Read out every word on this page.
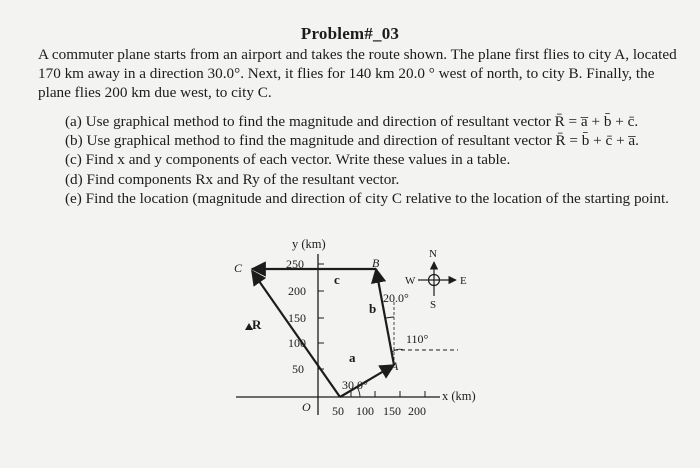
Problem#_03
A commuter plane starts from an airport and takes the route shown. The plane first flies to city A, located 170 km away in a direction 30.0°. Next, it flies for 140 km 20.0 ° west of north, to city B. Finally, the plane flies 200 km due west, to city C.
(a) Use graphical method to find the magnitude and direction of resultant vector R̄ = a̅ + b̄ + c̄.
(b) Use graphical method to find the magnitude and direction of resultant vector R̄ = b̄ + c̄ + a̅.
(c) Find x and y components of each vector. Write these values in a table.
(d) Find components Rx and Ry of the resultant vector.
(e) Find the location (magnitude and direction of city C relative to the location of the starting point.
250
200
150
100
50
y (km)
50 100 150 200
O
x (km)
a⃗
b⃗
c⃗
R⃗
A
B
C
30.0°
20.0°
110°
N
S
E
W
